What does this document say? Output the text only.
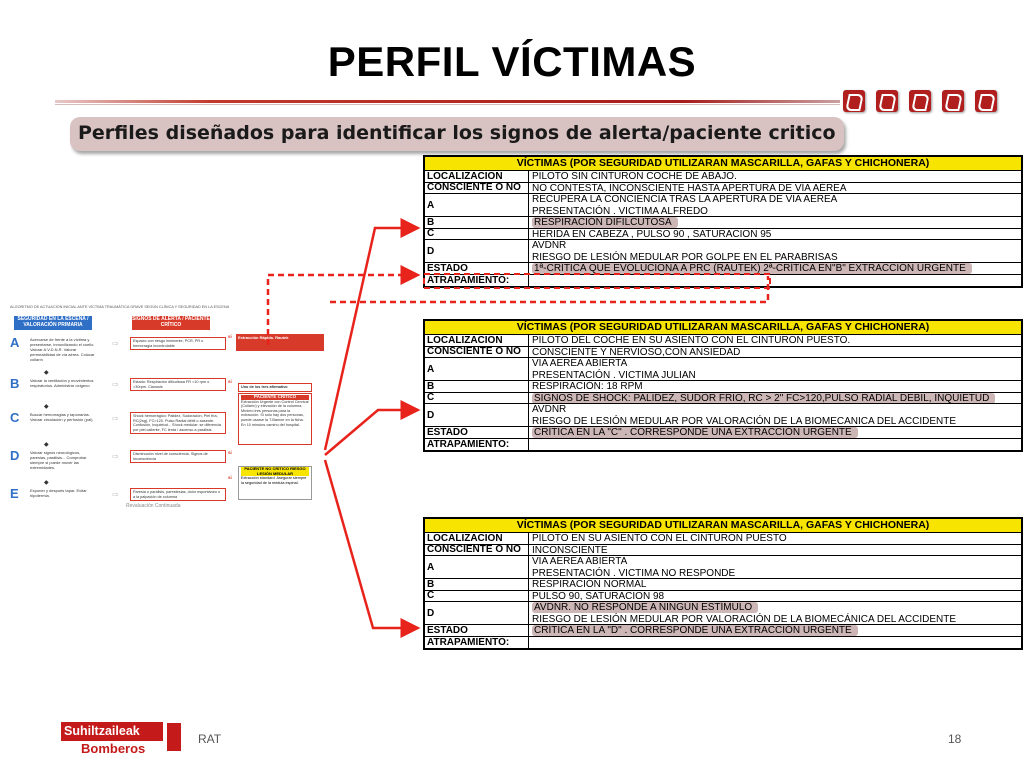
PERFIL VÍCTIMAS
Perfiles diseñados para identificar los signos de alerta/paciente critico
ALGORITMO DE ACTUACION INICIAL ANTE VÍCTIMA TRAUMÁTICA GRAVE SEGÚN CLÍNICA Y SEGURIDAD EN LA ESCENA
SEGURIDAD EN LA ESCENA / VALORACIÓN PRIMARIA
SIGNOS DE ALERTA / PACIENTE CRÍTICO
A	Acercarse de frente a la víctima y presentarse, inmovilizando el cuello. Valorar A.V.D.N.R. Valorar permeabilidad de vía aérea. Colocar collarín
⇨	Espacio con riesgo inminente, PCR, PR o hemorragia incontrolable
◆
B	Valorar la ventilación y movimientos respiratorios. Administrar oxígeno	⇨	Estado: Respiración dificultosa FR <10 rpm o >30rpm. Cianosis
◆
C	Buscar hemorragias y taponarlas. Valorar circulación y perfusión (pal).	⇨	Shock hemorrágico: Palidez, Sudoración, Piel fría, RC(2sg), FC>120. Pulso Radial débil o ausente. Confusión, Inquietud... Shock medular: se diferencia por piel caliente, FC lenta / ascenso a parálisis
◆
D	Valorar signos neurológicos, paresias, parálisis... Comprobar siempre si puede mover las extremidades.
⇨	Disminución nivel de consciencia. Signos de Inconsciencia
◆
E	Exponer y después tapar. Evitar hipotermia.	⇨	Paresia o parálisis, parestesias, dolor espontáneo o a la palpación de columna
si	Extracción Rápida. Rautek
si
Uno de los tres afirmativo
PACIENTE CRITICO
Extracción Urgente con Control Cervical (Collarín) y elevación de la columna. Mínimo tres personas para la extracción. Si sólo hay dos personas, puede usarse la T-Bamoe en la ficha. En 10 minutos camino del hospital.
si
si
PACIENTE NO CRITICO RIESGO LESIÓN MEDULAR
Extracción standard. Asegurar siempre la seguridad de la médula espinal.
Revaluación Continuada
VÍCTIMAS (POR SEGURIDAD UTILIZARAN MASCARILLA, GAFAS Y CHICHONERA)
LOCALIZACION	PILOTO SIN CINTURON COCHE DE ABAJO.
CONSCIENTE O NO	NO CONTESTA, INCONSCIENTE HASTA APERTURA DE VÍA AÉREA
A	RECUPERA LA CONCIENCIA TRAS LA APERTURA DE VIA AEREA
PRESENTACIÓN . VICTIMA ALFREDO
B	RESPIRACIÓN DIFILCUTOSA
C	HERIDA EN CABEZA , PULSO 90 , SATURACION 95
D	AVDNR
RIESGO DE LESIÓN MEDULAR POR GOLPE EN EL PARABRISAS
ESTADO	1ª-CRÍTICA QUE EVOLUCIONA A PRC (RAUTEK) 2ª-CRÍTICA EN"B" EXTRACCIÓN URGENTE
ATRAPAMIENTO:
VÍCTIMAS (POR SEGURIDAD UTILIZARAN MASCARILLA, GAFAS Y CHICHONERA)
LOCALIZACION	PILOTO DEL COCHE EN SU ASIENTO CON EL CINTURON PUESTO.
CONSCIENTE O NO	CONSCIENTE Y NERVIOSO,CON ANSIEDAD
A	VIA AEREA ABIERTA
PRESENTACIÓN . VICTIMA JULIAN
B	RESPIRACIÓN: 18 RPM
C	SIGNOS DE SHOCK: PALIDEZ, SUDOR FRIO, RC > 2" FC>120,PULSO RADIAL DEBIL, INQUIETUD
D	AVDNR
RIESGO DE LESIÓN MEDULAR POR VALORACIÓN DE LA BIOMECANICA DEL ACCIDENTE
ESTADO	CRÍTICA EN LA "C" . CORRESPONDE UNA EXTRACCIÓN URGENTE
ATRAPAMIENTO:
VÍCTIMAS (POR SEGURIDAD UTILIZARAN MASCARILLA, GAFAS Y CHICHONERA)
LOCALIZACION	PILOTO EN SU ASIENTO CON EL CINTURÓN PUESTO
CONSCIENTE O NO	INCONSCIENTE
A	VIA AEREA ABIERTA
PRESENTACIÓN . VICTIMA NO RESPONDE
B	RESPIRACIÓN NORMAL
C	PULSO 90, SATURACION 98
D	AVDNR. NO RESPONDE A NINGÚN ESTÍMULO
RIESGO DE LESIÓN MEDULAR POR VALORACIÓN DE LA BIOMECÁNICA DEL ACCIDENTE
ESTADO	CRÍTICA EN LA "D" . CORRESPONDE UNA EXTRACCIÓN URGENTE
ATRAPAMIENTO:
Suhiltzaileak
Bomberos
RAT	18
